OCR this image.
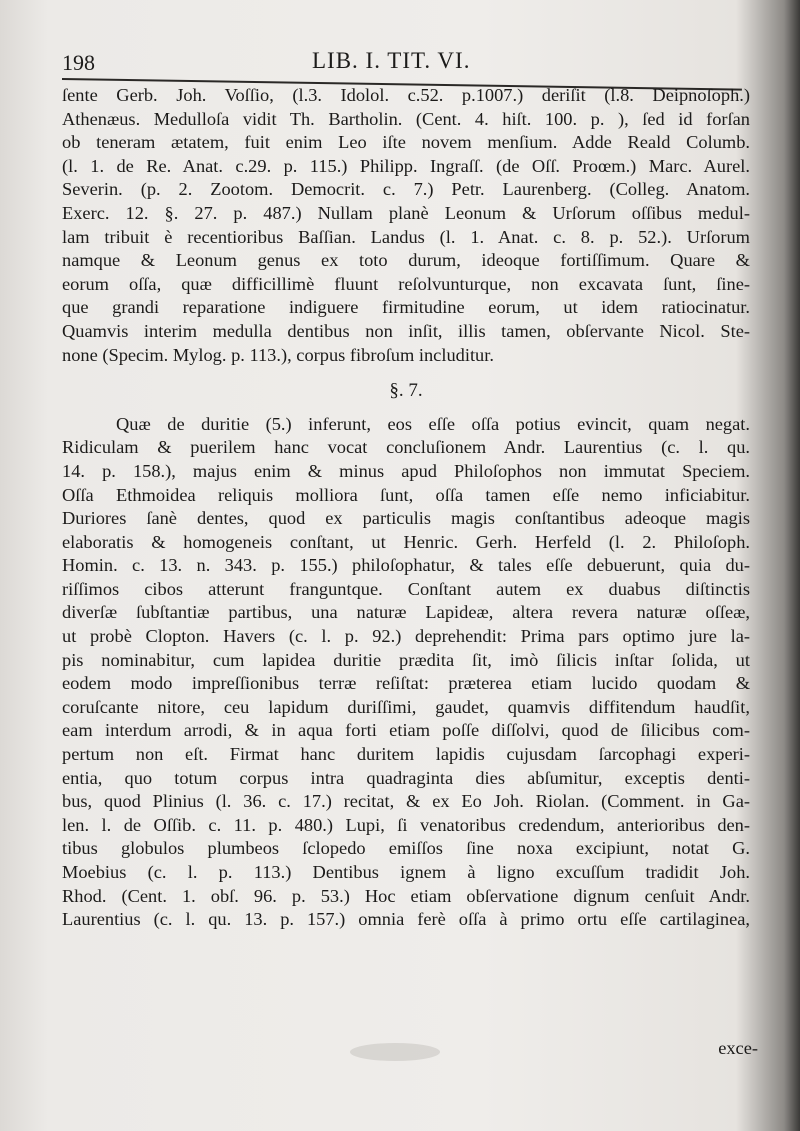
198	LIB. I. TIT. VI.
ſente Gerb. Joh. Voſſio, (l.3. Idolol. c.52. p.1007.) deriſit (l.8. Deipnoſoph.)
Athenæus. Medulloſa vidit Th. Bartholin. (Cent. 4. hiſt. 100. p. ), ſed id forſan
ob teneram ætatem, fuit enim Leo iſte novem menſium. Adde Reald Columb.
(l. 1. de Re. Anat. c.29. p. 115.) Philipp. Ingraſſ. (de Oſſ. Proœm.) Marc. Aurel.
Severin. (p. 2. Zootom. Democrit. c. 7.) Petr. Laurenberg. (Colleg. Anatom.
Exerc. 12. §. 27. p. 487.) Nullam planè Leonum & Urſorum oſſibus medul-
lam tribuit è recentioribus Baſſian. Landus (l. 1. Anat. c. 8. p. 52.). Urſorum
namque & Leonum genus ex toto durum, ideoque fortiſſimum. Quare &
eorum oſſa, quæ difficillimè fluunt reſolvunturque, non excavata ſunt, ſine-
que grandi reparatione indiguere firmitudine eorum, ut idem ratiocinatur.
Quamvis interim medulla dentibus non inſit, illis tamen, obſervante Nicol. Ste-
none (Specim. Mylog. p. 113.), corpus fibroſum includitur.
§. 7.
Quæ de duritie (5.) inferunt, eos eſſe oſſa potius evincit, quam negat.
Ridiculam & puerilem hanc vocat concluſionem Andr. Laurentius (c. l. qu.
14. p. 158.), majus enim & minus apud Philoſophos non immutat Speciem.
Oſſa Ethmoidea reliquis molliora ſunt, oſſa tamen eſſe nemo inficiabitur.
Duriores ſanè dentes, quod ex particulis magis conſtantibus adeoque magis
elaboratis & homogeneis conſtant, ut Henric. Gerh. Herfeld (l. 2. Philoſoph.
Homin. c. 13. n. 343. p. 155.) philoſophatur, & tales eſſe debuerunt, quia du-
riſſimos cibos atterunt franguntque. Conſtant autem ex duabus diſtinctis
diverſæ ſubſtantiæ partibus, una naturæ Lapideæ, altera revera naturæ oſſeæ,
ut probè Clopton. Havers (c. l. p. 92.) deprehendit: Prima pars optimo jure la-
pis nominabitur, cum lapidea duritie prædita ſit, imò ſilicis inſtar ſolida, ut
eodem modo impreſſionibus terræ reſiſtat: præterea etiam lucido quodam &
coruſcante nitore, ceu lapidum duriſſimi, gaudet, quamvis diffitendum haudſit,
eam interdum arrodi, & in aqua forti etiam poſſe diſſolvi, quod de ſilicibus com-
pertum non eſt. Firmat hanc duritem lapidis cujusdam ſarcophagi experi-
entia, quo totum corpus intra quadraginta dies abſumitur, exceptis denti-
bus, quod Plinius (l. 36. c. 17.) recitat, & ex Eo Joh. Riolan. (Comment. in Ga-
len. l. de Oſſib. c. 11. p. 480.) Lupi, ſi venatoribus credendum, anterioribus den-
tibus globulos plumbeos ſclopedo emiſſos ſine noxa excipiunt, notat G.
Moebius (c. l. p. 113.) Dentibus ignem à ligno excuſſum tradidit Joh.
Rhod. (Cent. 1. obſ. 96. p. 53.) Hoc etiam obſervatione dignum cenſuit Andr.
Laurentius (c. l. qu. 13. p. 157.) omnia ferè oſſa à primo ortu eſſe cartilaginea,
exce-
